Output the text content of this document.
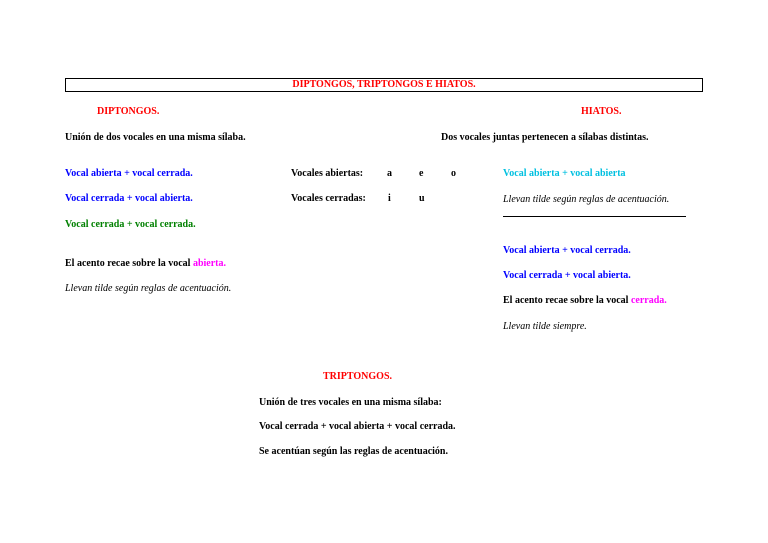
DIPTONGOS, TRIPTONGOS E HIATOS.
DIPTONGOS.
Unión de dos vocales en una misma sílaba.
Vocal abierta + vocal cerrada.
Vocal cerrada + vocal abierta.
Vocal cerrada + vocal cerrada.
El acento recae sobre la vocal abierta.
Llevan tilde según reglas de acentuación.
Vocales abiertas: a	e	o
Vocales cerradas: i	u
HIATOS.
Dos vocales juntas pertenecen a sílabas distintas.
Vocal abierta + vocal abierta
Llevan tilde según reglas de acentuación.
Vocal abierta + vocal cerrada.
Vocal cerrada + vocal abierta.
El acento recae sobre la vocal cerrada.
Llevan tilde siempre.
TRIPTONGOS.
Unión de tres vocales en una misma sílaba:
Vocal cerrada + vocal abierta + vocal cerrada.
Se acentúan según las reglas de acentuación.
